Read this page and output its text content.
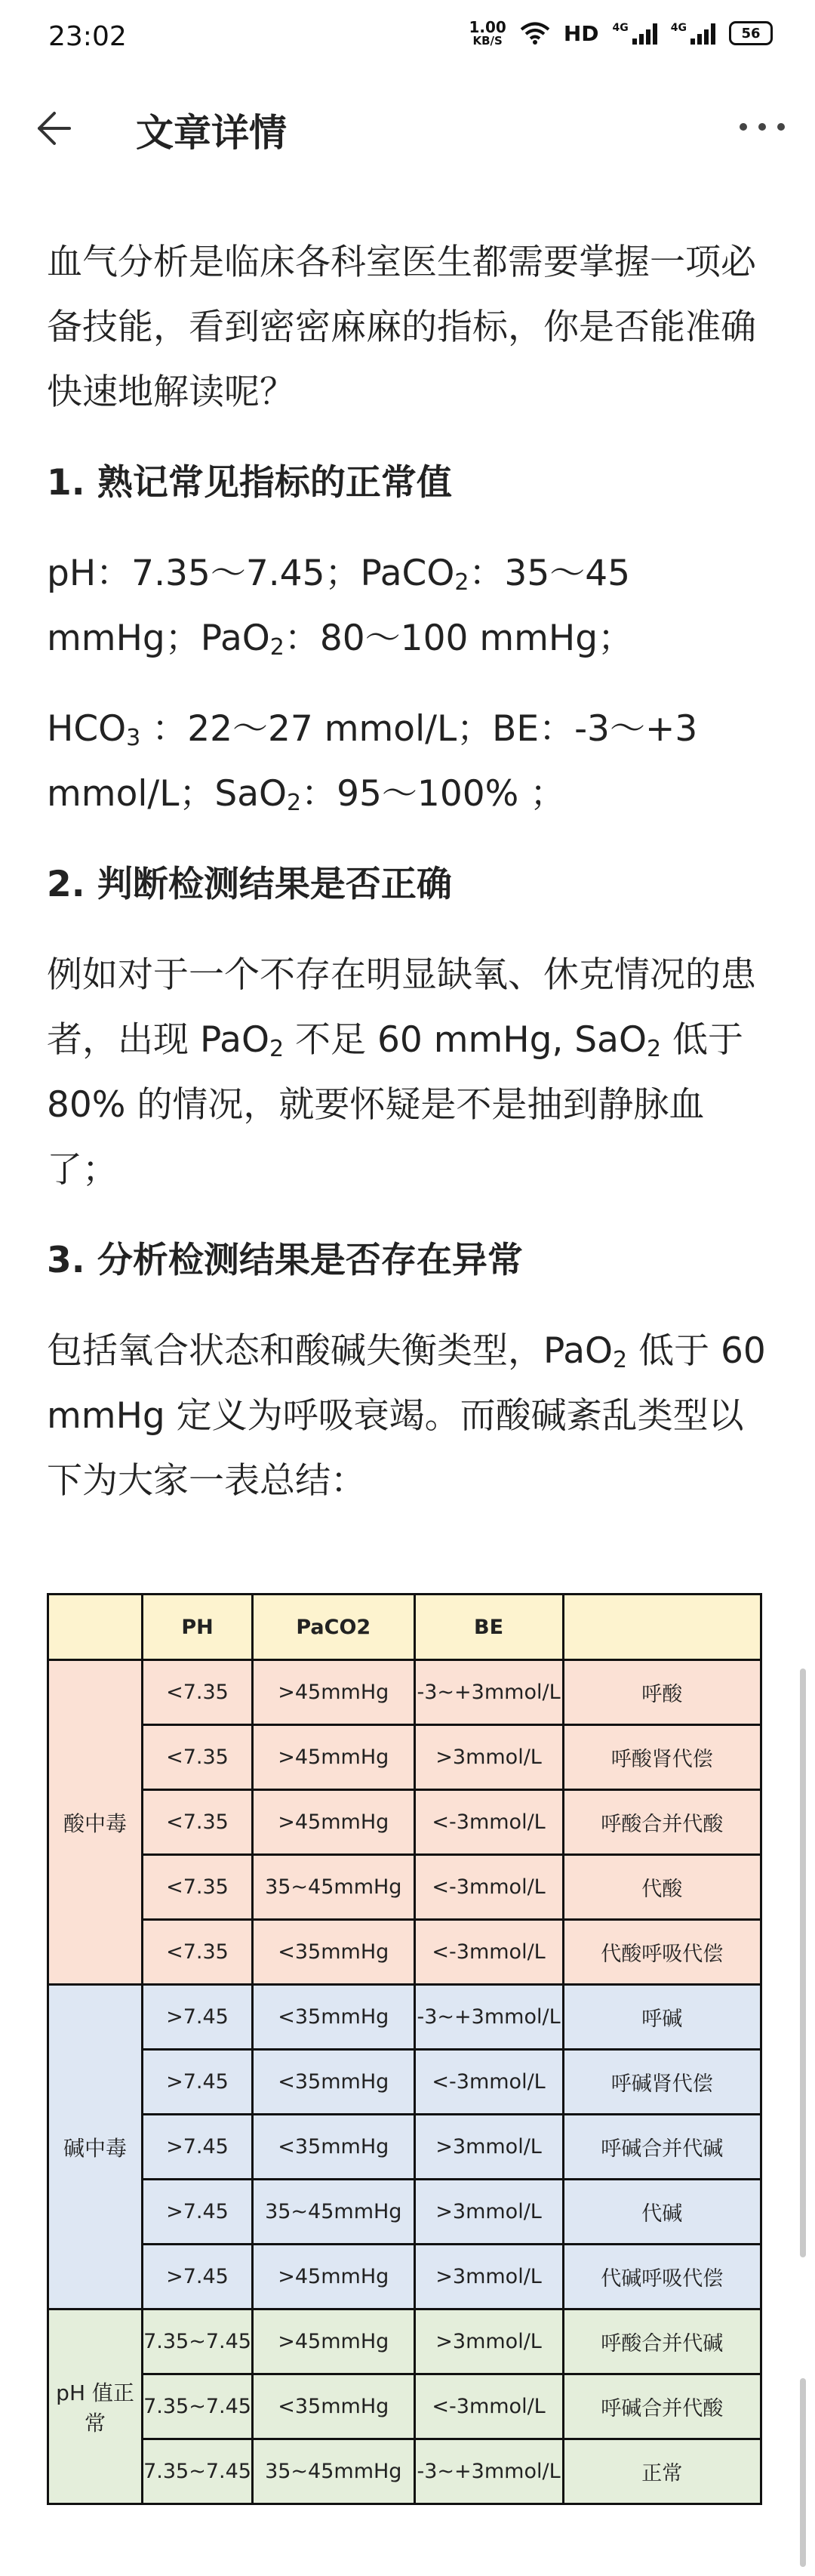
23:02	1.00
KB/S	HD 4G	4G	56
文章详情

血气分析是临床各科室医生都需要掌握一项必备技能，看到密密麻麻的指标，你是否能准确快速地解读呢？

1. 熟记常见指标的正常值

pH：7.35～7.45；PaCO$_2$：35～45 mmHg；PaO$_2$：80～100 mmHg；

$HCO_3$ ：22～27 mmol/L；BE：-3～+3 mmol/L；SaO$_2$：95～100% ；

2. 判断检测结果是否正确

例如对于一个不存在明显缺氧、休克情况的患者，出现 PaO$_2$ 不足 60 mmHg, SaO$_2$ 低于 80% 的情况，就要怀疑是不是抽到静脉血了；

3. 分析检测结果是否存在异常

包括氧合状态和酸碱失衡类型，PaO$_2$ 低于 60 mmHg 定义为呼吸衰竭。而酸碱紊乱类型以下为大家一表总结：

	PH	PaCO2	BE	
酸中毒	<7.35	>45mmHg	-3~+3mmol/L	呼酸
	<7.35	>45mmHg	>3mmol/L	呼酸肾代偿
	<7.35	>45mmHg	<-3mmol/L	呼酸合并代酸
	<7.35	35~45mmHg	<-3mmol/L	代酸
	<7.35	<35mmHg	<-3mmol/L	代酸呼吸代偿
碱中毒	>7.45	<35mmHg	-3~+3mmol/L	呼碱
	>7.45	<35mmHg	<-3mmol/L	呼碱肾代偿
	>7.45	<35mmHg	>3mmol/L	呼碱合并代碱
	>7.45	35~45mmHg	>3mmol/L	代碱
	>7.45	>45mmHg	>3mmol/L	代碱呼吸代偿
pH 值正常	7.35~7.45	>45mmHg	>3mmol/L	呼酸合并代碱
	7.35~7.45	<35mmHg	<-3mmol/L	呼碱合并代酸
	7.35~7.45	35~45mmHg	-3~+3mmol/L	正常
